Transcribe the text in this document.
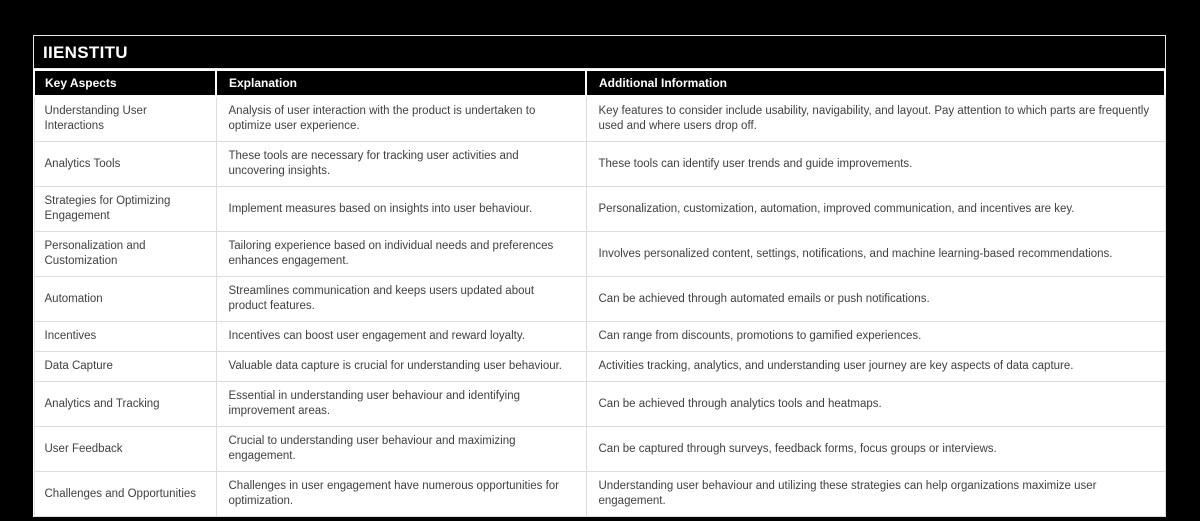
IIENSTITU
Key Aspects	Explanation	Additional Information
Understanding User Interactions	Analysis of user interaction with the product is undertaken to optimize user experience.	Key features to consider include usability, navigability, and layout. Pay attention to which parts are frequently used and where users drop off.
Analytics Tools	These tools are necessary for tracking user activities and uncovering insights.	These tools can identify user trends and guide improvements.
Strategies for Optimizing Engagement	Implement measures based on insights into user behaviour.	Personalization, customization, automation, improved communication, and incentives are key.
Personalization and Customization	Tailoring experience based on individual needs and preferences enhances engagement.	Involves personalized content, settings, notifications, and machine learning-based recommendations.
Automation	Streamlines communication and keeps users updated about product features.	Can be achieved through automated emails or push notifications.
Incentives	Incentives can boost user engagement and reward loyalty.	Can range from discounts, promotions to gamified experiences.
Data Capture	Valuable data capture is crucial for understanding user behaviour.	Activities tracking, analytics, and understanding user journey are key aspects of data capture.
Analytics and Tracking	Essential in understanding user behaviour and identifying improvement areas.	Can be achieved through analytics tools and heatmaps.
User Feedback	Crucial to understanding user behaviour and maximizing engagement.	Can be captured through surveys, feedback forms, focus groups or interviews.
Challenges and Opportunities	Challenges in user engagement have numerous opportunities for optimization.	Understanding user behaviour and utilizing these strategies can help organizations maximize user engagement.
